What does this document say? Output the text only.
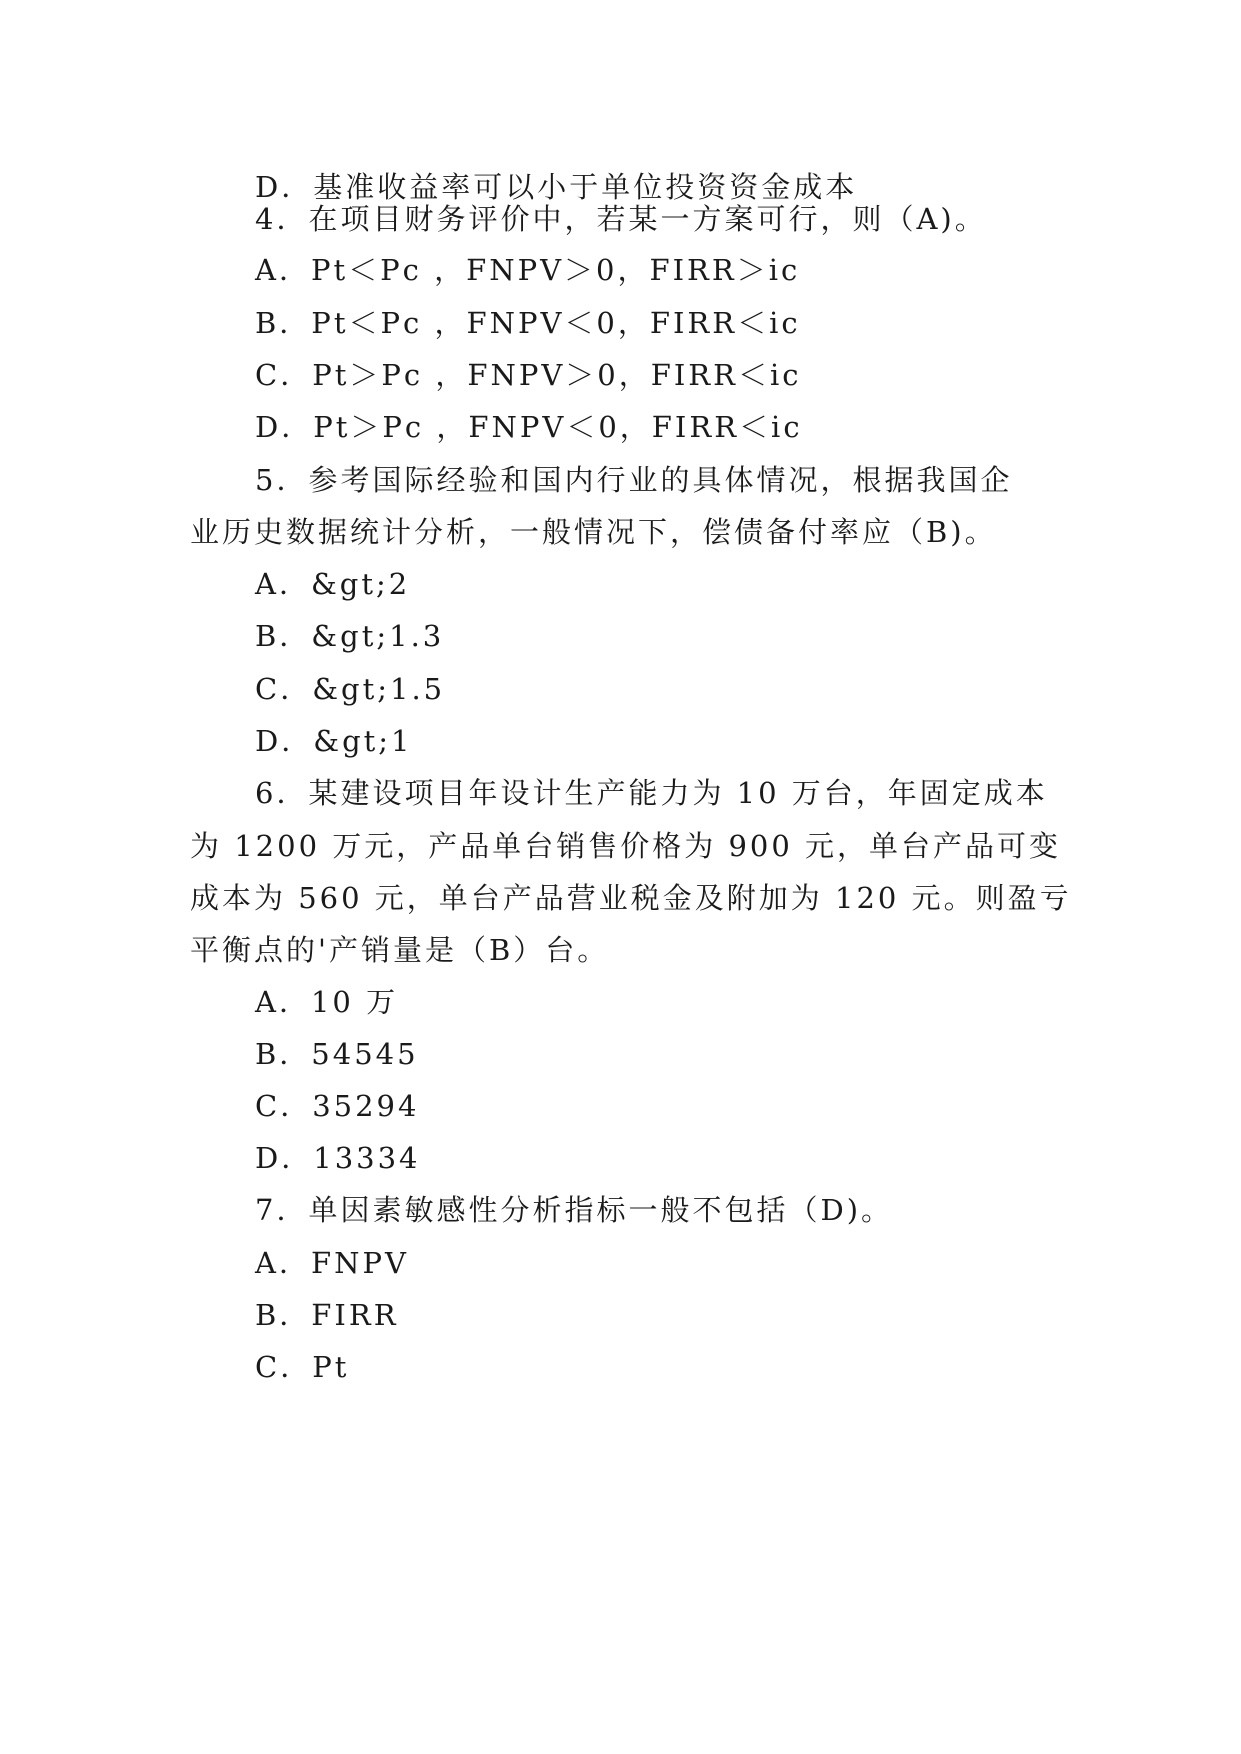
D．基准收益率可以小于单位投资资金成本
4．在项目财务评价中，若某一方案可行，则（A)。
A．Pt＜Pc ，FNPV＞0，FIRR＞ic
B．Pt＜Pc ，FNPV＜0，FIRR＜ic
C．Pt＞Pc ，FNPV＞0，FIRR＜ic
D．Pt＞Pc ，FNPV＜0，FIRR＜ic
5．参考国际经验和国内行业的具体情况，根据我国企
业历史数据统计分析，一般情况下，偿债备付率应（B)。
A．&gt;2
B．&gt;1.3
C．&gt;1.5
D．&gt;1
6．某建设项目年设计生产能力为 10 万台，年固定成本
为 1200 万元，产品单台销售价格为 900 元，单台产品可变
成本为 560 元，单台产品营业税金及附加为 120 元。则盈亏
平衡点的'产销量是（B）台。
A．10 万
B．54545
C．35294
D．13334
7．单因素敏感性分析指标一般不包括（D)。
A．FNPV
B．FIRR
C．Pt
